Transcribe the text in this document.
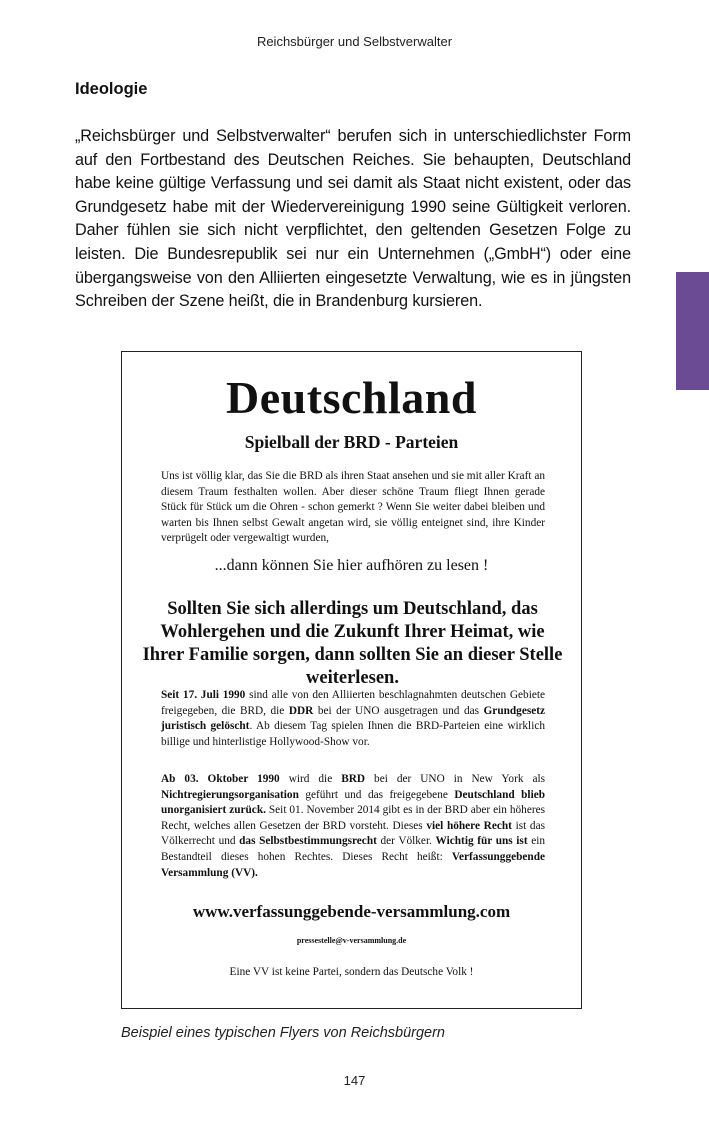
Reichsbürger und Selbstverwalter
Ideologie

„Reichsbürger und Selbstverwalter“ berufen sich in unterschiedlichster Form auf den Fortbestand des Deutschen Reiches. Sie behaupten, Deutschland habe keine gültige Verfassung und sei damit als Staat nicht existent, oder das Grundgesetz habe mit der Wiedervereinigung 1990 seine Gültigkeit verloren. Daher fühlen sie sich nicht verpflichtet, den geltenden Gesetzen Folge zu leisten. Die Bundesrepublik sei nur ein Unternehmen („GmbH“) oder eine übergangsweise von den Alliierten eingesetzte Verwaltung, wie es in jüngsten Schreiben der Szene heißt, die in Brandenburg kursieren.

Deutschland
Spielball der BRD - Parteien
Uns ist völlig klar, das Sie die BRD als ihren Staat ansehen und sie mit aller Kraft an diesem Traum festhalten wollen. Aber dieser schöne Traum fliegt Ihnen gerade Stück für Stück um die Ohren - schon gemerkt ? Wenn Sie weiter dabei bleiben und warten bis Ihnen selbst Gewalt angetan wird, sie völlig enteignet sind, ihre Kinder verprügelt oder vergewaltigt wurden,
...dann können Sie hier aufhören zu lesen !
Sollten Sie sich allerdings um Deutschland, das Wohlergehen und die Zukunft Ihrer Heimat, wie Ihrer Familie sorgen, dann sollten Sie an dieser Stelle weiterlesen.
Seit 17. Juli 1990 sind alle von den Alliierten beschlagnahmten deutschen Gebiete freigegeben, die BRD, die DDR bei der UNO ausgetragen und das Grundgesetz juristisch gelöscht. Ab diesem Tag spielen Ihnen die BRD-Parteien eine wirklich billige und hinterlistige Hollywood-Show vor.
Ab 03. Oktober 1990 wird die BRD bei der UNO in New York als Nichtregierungsorganisation geführt und das freigegebene Deutschland blieb unorganisiert zurück. Seit 01. November 2014 gibt es in der BRD aber ein höheres Recht, welches allen Gesetzen der BRD vorsteht. Dieses viel höhere Recht ist das Völkerrecht und das Selbstbestimmungsrecht der Völker. Wichtig für uns ist ein Bestandteil dieses hohen Rechtes. Dieses Recht heißt: Verfassunggebende Versammlung (VV).
www.verfassunggebende-versammlung.com
pressestelle@v-versammlung.de
Eine VV ist keine Partei, sondern das Deutsche Volk !
Beispiel eines typischen Flyers von Reichsbürgern
147
